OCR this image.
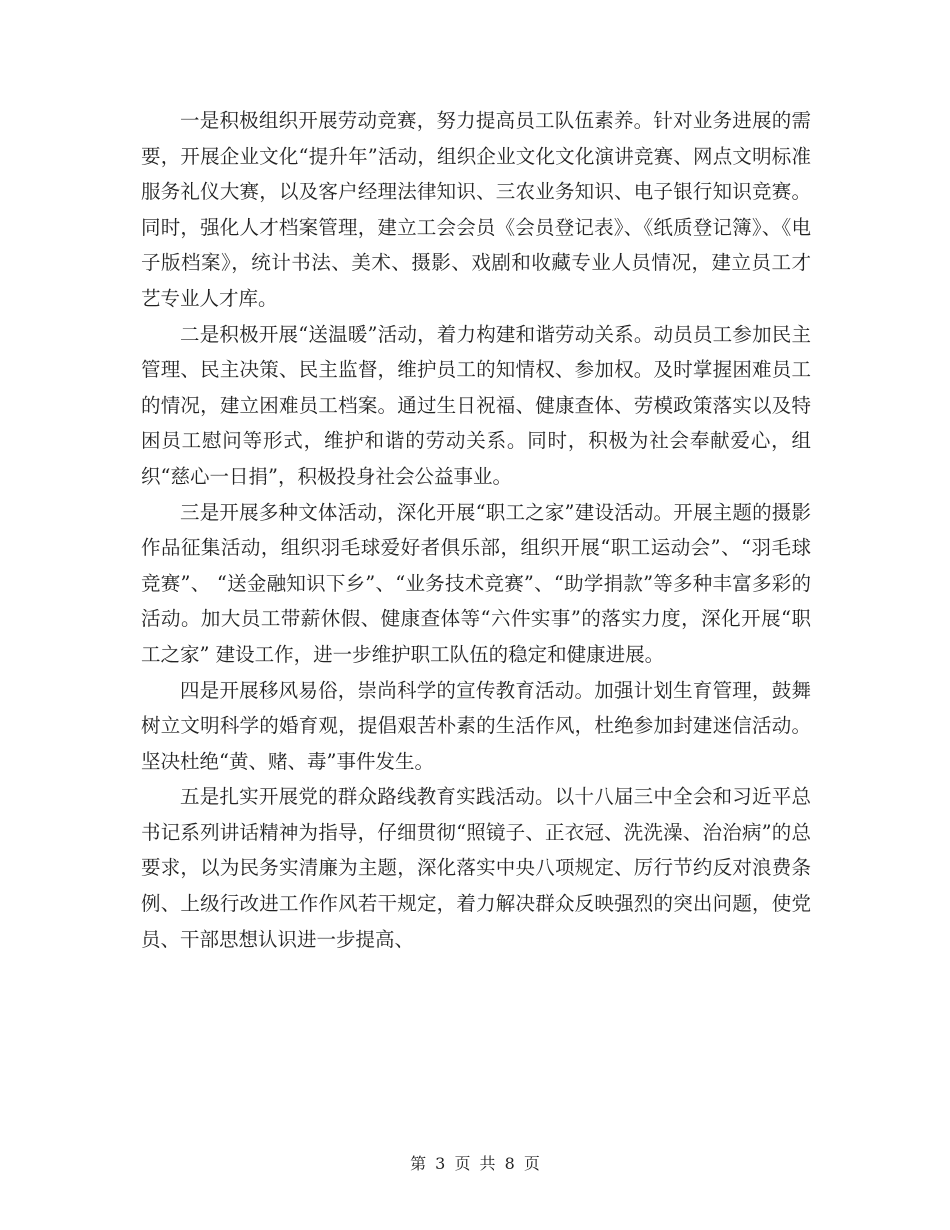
一是积极组织开展劳动竞赛，努力提高员工队伍素养。针对业务进展的需要，开展企业文化“提升年”活动，组织企业文化文化演讲竞赛、网点文明标准服务礼仪大赛，以及客户经理法律知识、三农业务知识、电子银行知识竞赛。同时，强化人才档案管理，建立工会会员《会员登记表》、《纸质登记簿》、《电子版档案》，统计书法、美术、摄影、戏剧和收藏专业人员情况，建立员工才艺专业人才库。

二是积极开展“送温暖”活动，着力构建和谐劳动关系。动员员工参加民主管理、民主决策、民主监督，维护员工的知情权、参加权。及时掌握困难员工的情况，建立困难员工档案。通过生日祝福、健康查体、劳模政策落实以及特困员工慰问等形式，维护和谐的劳动关系。同时，积极为社会奉献爱心，组织“慈心一日捐”，积极投身社会公益事业。

三是开展多种文体活动，深化开展“职工之家”建设活动。开展主题的摄影作品征集活动，组织羽毛球爱好者俱乐部，组织开展“职工运动会”、“羽毛球竞赛”、 “送金融知识下乡”、“业务技术竞赛”、“助学捐款”等多种丰富多彩的活动。加大员工带薪休假、健康查体等“六件实事”的落实力度，深化开展“职工之家” 建设工作，进一步维护职工队伍的稳定和健康进展。

四是开展移风易俗，崇尚科学的宣传教育活动。加强计划生育管理，鼓舞树立文明科学的婚育观，提倡艰苦朴素的生活作风，杜绝参加封建迷信活动。坚决杜绝“黄、赌、毒”事件发生。

五是扎实开展党的群众路线教育实践活动。以十八届三中全会和习近平总书记系列讲话精神为指导，仔细贯彻“照镜子、正衣冠、洗洗澡、治治病”的总要求，以为民务实清廉为主题，深化落实中央八项规定、厉行节约反对浪费条例、上级行改进工作作风若干规定，着力解决群众反映强烈的突出问题，使党员、干部思想认识进一步提高、

第 3 页 共 8 页
